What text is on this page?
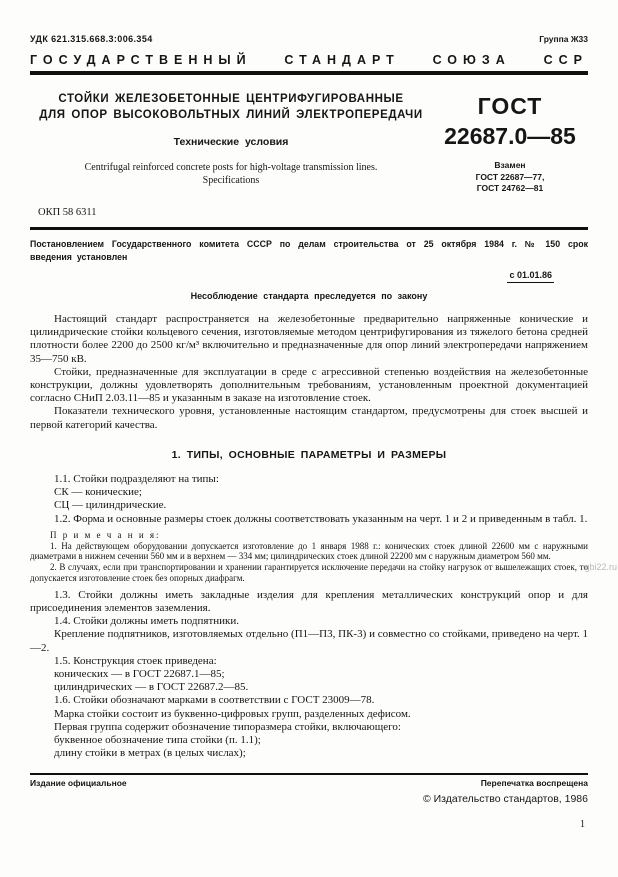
УДК 621.315.668.3:006.354	Группа Ж33
ГОСУДАРСТВЕННЫЙ	СТАНДАРТ	СОЮЗА	ССР
СТОЙКИ ЖЕЛЕЗОБЕТОННЫЕ ЦЕНТРИФУГИРОВАННЫЕ
ДЛЯ ОПОР ВЫСОКОВОЛЬТНЫХ ЛИНИЙ ЭЛЕКТРОПЕРЕДАЧИ
Технические условия
Centrifugal reinforced concrete posts for high-voltage transmission lines.
Specifications
ОКП 58 6311
ГОСТ
22687.0—85
Взамен
ГОСТ 22687—77,
ГОСТ 24762—81

Постановлением Государственного комитета СССР по делам строительства от 25 октября 1984 г. № 150 срок введения установлен

с 01.01.86

Несоблюдение стандарта преследуется по закону

Настоящий стандарт распространяется на железобетонные предварительно напряженные конические и цилиндрические стойки кольцевого сечения, изготовляемые методом центрифугирования из тяжелого бетона средней плотности более 2200 до 2500 кг/м³ включительно и предназначенные для опор линий электропередачи напряжением 35—750 кВ.

Стойки, предназначенные для эксплуатации в среде с агрессивной степенью воздействия на железобетонные конструкции, должны удовлетворять дополнительным требованиям, установленным проектной документацией согласно СНиП 2.03.11—85 и указанным в заказе на изготовление стоек.

Показатели технического уровня, установленные настоящим стандартом, предусмотрены для стоек высшей и первой категорий качества.

1. ТИПЫ, ОСНОВНЫЕ ПАРАМЕТРЫ И РАЗМЕРЫ

1.1. Стойки подразделяют на типы:

СК — конические;

СЦ — цилиндрические.

1.2. Форма и основные размеры стоек должны соответствовать указанным на черт. 1 и 2 и приведенным в табл. 1.

П р и м е ч а н и я:

1. На действующем оборудовании допускается изготовление до 1 января 1988 г.: конических стоек длиной 22600 мм с наружными диаметрами в нижнем сечении 560 мм и в верхнем — 334 мм; цилиндрических стоек длиной 22200 мм с наружным диаметром 560 мм.

2. В случаях, если при транспортировании и хранении гарантируется исключение передачи на стойку нагрузок от вышележащих стоек, то допускается изготовление стоек без опорных диафрагм.

1.3. Стойки должны иметь закладные изделия для крепления металлических конструкций опор и для присоединения элементов заземления.

1.4. Стойки должны иметь подпятники.

Крепление подпятников, изготовляемых отдельно (П1—П3, ПК-3) и совместно со стойками, приведено на черт. 1—2.

1.5. Конструкция стоек приведена:

конических — в ГОСТ 22687.1—85;

цилиндрических — в ГОСТ 22687.2—85.

1.6. Стойки обозначают марками в соответствии с ГОСТ 23009—78.

Марка стойки состоит из буквенно-цифровых групп, разделенных дефисом.

Первая группа содержит обозначение типоразмера стойки, включающего:

буквенное обозначение типа стойки (п. 1.1);

длину стойки в метрах (в целых числах);

Издание официальное	Перепечатка воспрещена
© Издательство стандартов, 1986
1
gbi22.ru
